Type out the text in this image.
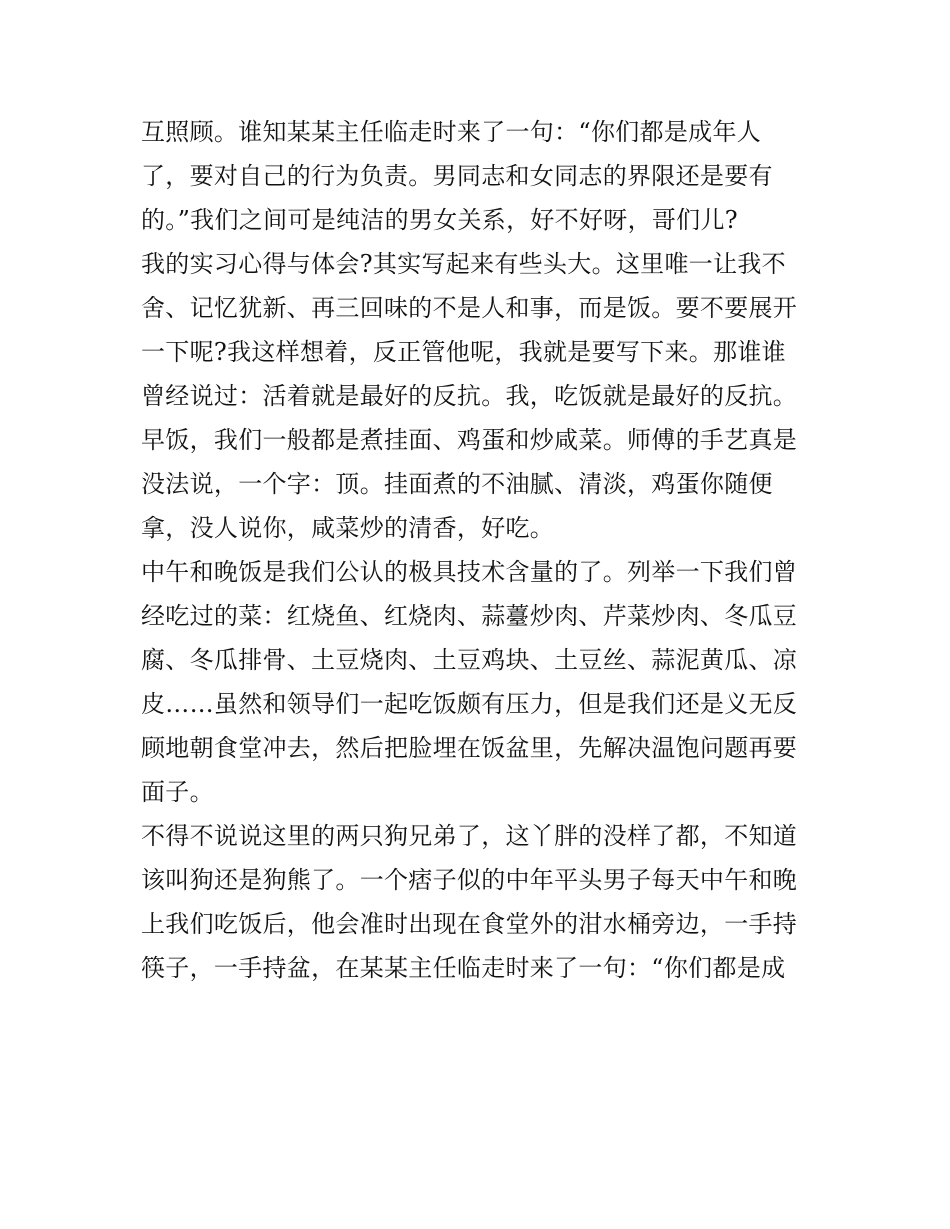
互照顾。谁知某某主任临走时来了一句：“你们都是成年人
了，要对自己的行为负责。男同志和女同志的界限还是要有
的。”我们之间可是纯洁的男女关系，好不好呀，哥们儿?
我的实习心得与体会?其实写起来有些头大。这里唯一让我不
舍、记忆犹新、再三回味的不是人和事，而是饭。要不要展开
一下呢?我这样想着，反正管他呢，我就是要写下来。那谁谁
曾经说过：活着就是最好的反抗。我，吃饭就是最好的反抗。
早饭，我们一般都是煮挂面、鸡蛋和炒咸菜。师傅的手艺真是
没法说，一个字：顶。挂面煮的不油腻、清淡，鸡蛋你随便
拿，没人说你，咸菜炒的清香，好吃。
中午和晚饭是我们公认的极具技术含量的了。列举一下我们曾
经吃过的菜：红烧鱼、红烧肉、蒜薹炒肉、芹菜炒肉、冬瓜豆
腐、冬瓜排骨、土豆烧肉、土豆鸡块、土豆丝、蒜泥黄瓜、凉
皮……虽然和领导们一起吃饭颇有压力，但是我们还是义无反
顾地朝食堂冲去，然后把脸埋在饭盆里，先解决温饱问题再要
面子。
不得不说说这里的两只狗兄弟了，这丫胖的没样了都，不知道
该叫狗还是狗熊了。一个痞子似的中年平头男子每天中午和晚
上我们吃饭后，他会准时出现在食堂外的泔水桶旁边，一手持
筷子，一手持盆，在某某主任临走时来了一句：“你们都是成
